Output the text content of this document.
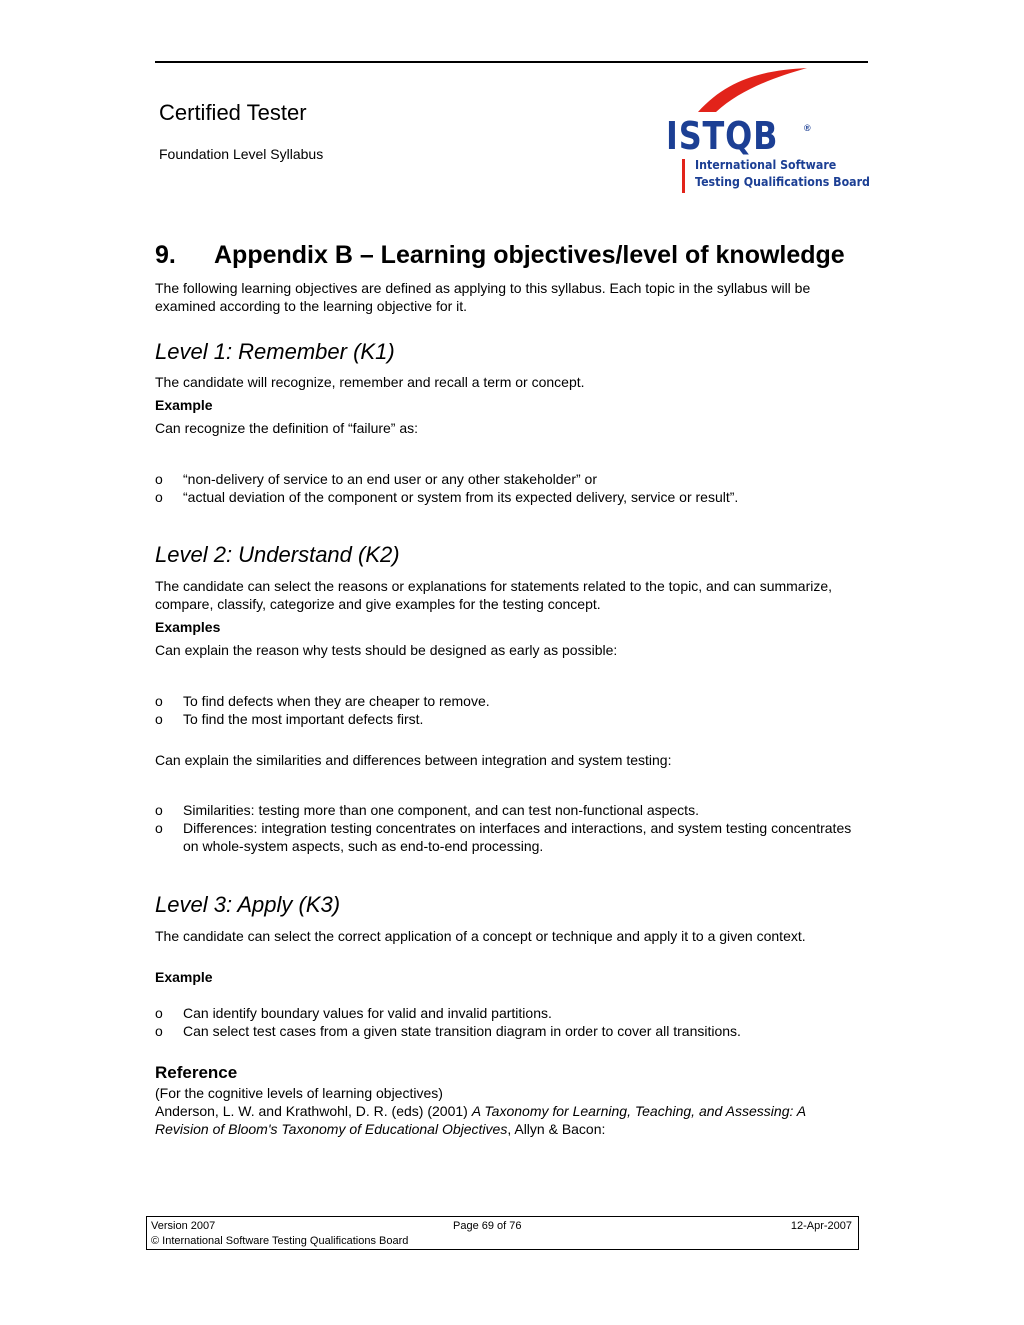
Certified Tester
Foundation Level Syllabus	ISTQB	®
International Software
Testing Qualifications Board
9. Appendix B – Learning objectives/level of knowledge
The following learning objectives are defined as applying to this syllabus. Each topic in the syllabus will be examined according to the learning objective for it.
Level 1: Remember (K1)
The candidate will recognize, remember and recall a term or concept.
Example
Can recognize the definition of “failure” as:
o “non-delivery of service to an end user or any other stakeholder” or
o “actual deviation of the component or system from its expected delivery, service or result”.
Level 2: Understand (K2)
The candidate can select the reasons or explanations for statements related to the topic, and can summarize, compare, classify, categorize and give examples for the testing concept.
Examples
Can explain the reason why tests should be designed as early as possible:
o To find defects when they are cheaper to remove.
o To find the most important defects first.
Can explain the similarities and differences between integration and system testing:
o Similarities: testing more than one component, and can test non-functional aspects.
o Differences: integration testing concentrates on interfaces and interactions, and system testing concentrates on whole-system aspects, such as end-to-end processing.
Level 3: Apply (K3)
The candidate can select the correct application of a concept or technique and apply it to a given context.
Example
o Can identify boundary values for valid and invalid partitions.
o Can select test cases from a given state transition diagram in order to cover all transitions.
Reference
(For the cognitive levels of learning objectives)
Anderson, L. W. and Krathwohl, D. R. (eds) (2001) A Taxonomy for Learning, Teaching, and Assessing: A Revision of Bloom's Taxonomy of Educational Objectives, Allyn & Bacon:
Version 2007	Page 69 of 76	12-Apr-2007
© International Software Testing Qualifications Board
